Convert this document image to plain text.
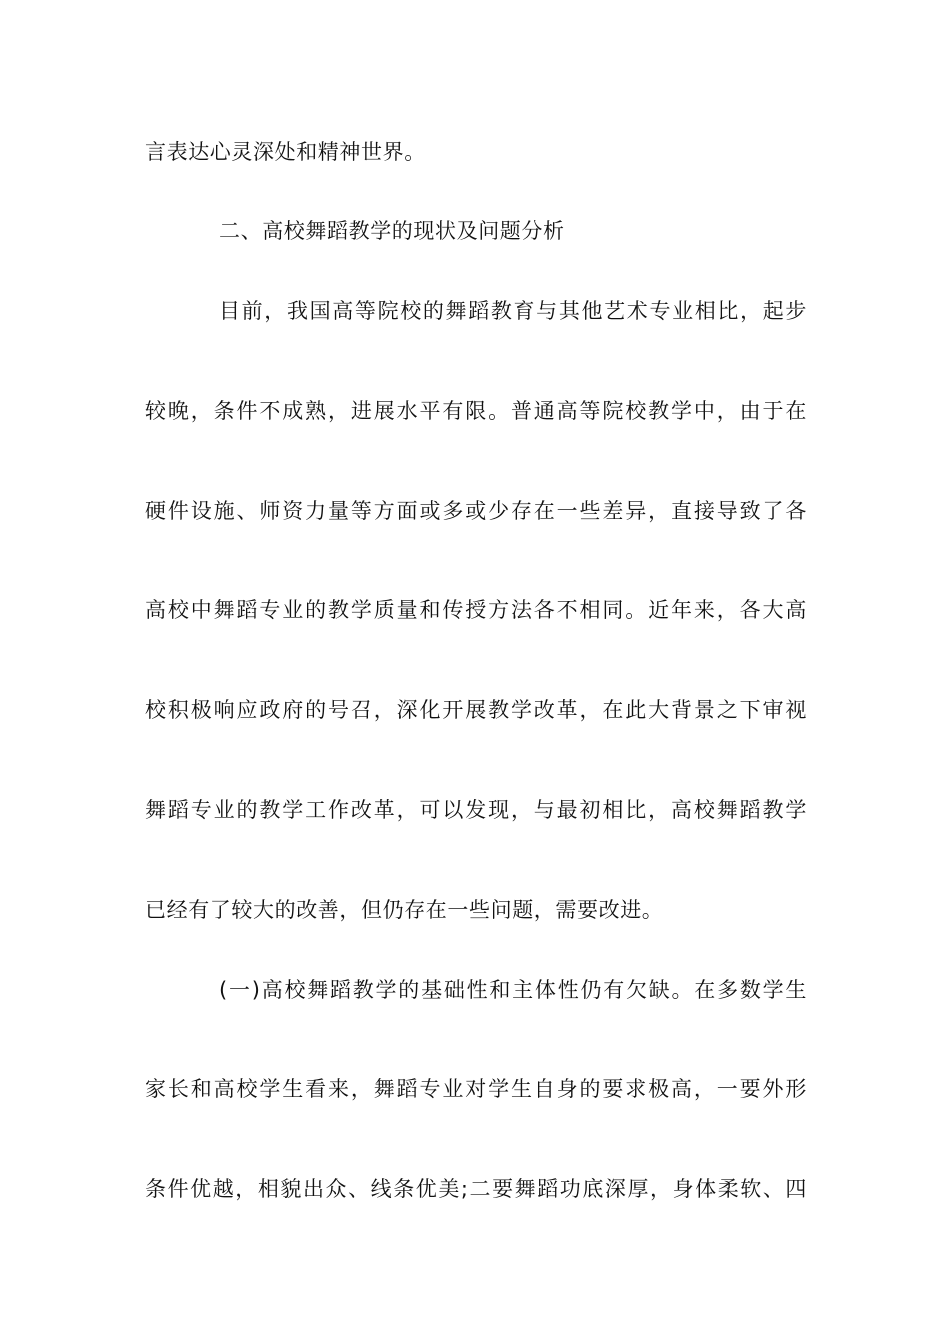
言表达心灵深处和精神世界。
二、高校舞蹈教学的现状及问题分析
目前，我国高等院校的舞蹈教育与其他艺术专业相比，起步
较晚，条件不成熟，进展水平有限。普通高等院校教学中，由于在
硬件设施、师资力量等方面或多或少存在一些差异，直接导致了各
高校中舞蹈专业的教学质量和传授方法各不相同。近年来，各大高
校积极响应政府的号召，深化开展教学改革，在此大背景之下审视
舞蹈专业的教学工作改革，可以发现，与最初相比，高校舞蹈教学
已经有了较大的改善，但仍存在一些问题，需要改进。
(一)高校舞蹈教学的基础性和主体性仍有欠缺。在多数学生
家长和高校学生看来，舞蹈专业对学生自身的要求极高，一要外形
条件优越，相貌出众、线条优美;二要舞蹈功底深厚，身体柔软、四
